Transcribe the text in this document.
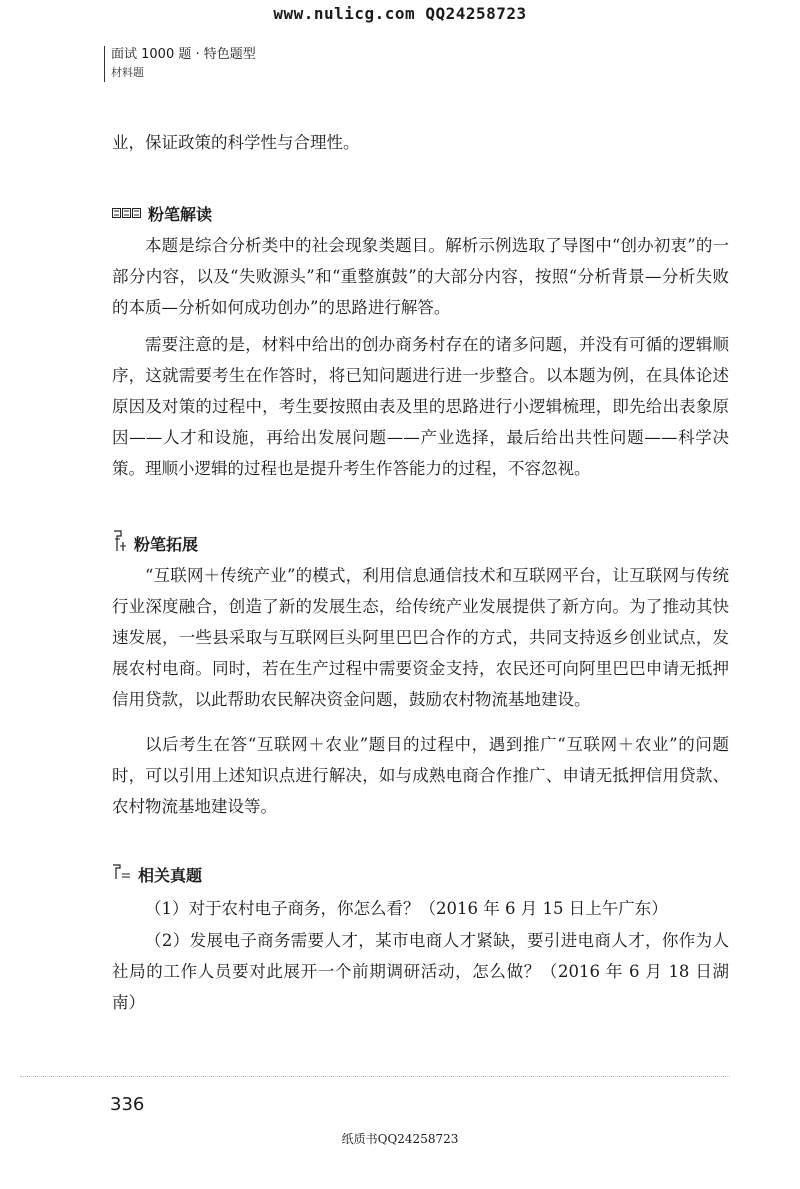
www.nulicg.com QQ24258723
面试 1000 题 · 特色题型
材料题
业，保证政策的科学性与合理性。
粉笔解读
本题是综合分析类中的社会现象类题目。解析示例选取了导图中“创办初衷”的一部分内容，以及“失败源头”和“重整旗鼓”的大部分内容，按照“分析背景—分析失败的本质—分析如何成功创办”的思路进行解答。
需要注意的是，材料中给出的创办商务村存在的诸多问题，并没有可循的逻辑顺序，这就需要考生在作答时，将已知问题进行进一步整合。以本题为例，在具体论述原因及对策的过程中，考生要按照由表及里的思路进行小逻辑梳理，即先给出表象原因——人才和设施，再给出发展问题——产业选择，最后给出共性问题——科学决策。理顺小逻辑的过程也是提升考生作答能力的过程，不容忽视。
粉笔拓展
“互联网＋传统产业”的模式，利用信息通信技术和互联网平台，让互联网与传统行业深度融合，创造了新的发展生态，给传统产业发展提供了新方向。为了推动其快速发展，一些县采取与互联网巨头阿里巴巴合作的方式，共同支持返乡创业试点，发展农村电商。同时，若在生产过程中需要资金支持，农民还可向阿里巴巴申请无抵押信用贷款，以此帮助农民解决资金问题，鼓励农村物流基地建设。
以后考生在答“互联网＋农业”题目的过程中，遇到推广“互联网＋农业”的问题时，可以引用上述知识点进行解决，如与成熟电商合作推广、申请无抵押信用贷款、农村物流基地建设等。
相关真题
（1）对于农村电子商务，你怎么看？（2016 年 6 月 15 日上午广东）
（2）发展电子商务需要人才，某市电商人才紧缺，要引进电商人才，你作为人社局的工作人员要对此展开一个前期调研活动，怎么做？（2016 年 6 月 18 日湖南）
336
纸质书QQ24258723
